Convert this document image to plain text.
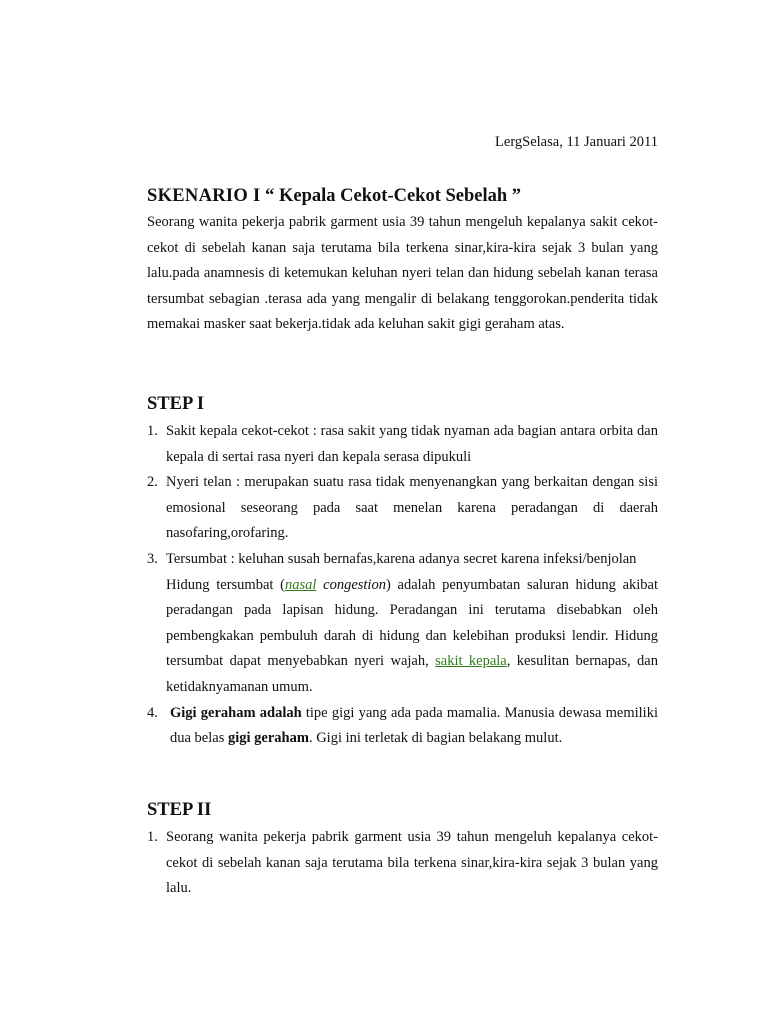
LergSelasa, 11 Januari 2011
SKENARIO I “ Kepala Cekot-Cekot Sebelah ”

Seorang wanita pekerja pabrik garment usia 39 tahun mengeluh kepalanya sakit cekot-cekot di sebelah kanan saja terutama bila terkena sinar,kira-kira sejak 3 bulan yang lalu.pada anamnesis di ketemukan keluhan nyeri telan dan hidung sebelah kanan terasa tersumbat sebagian .terasa ada yang mengalir di belakang tenggorokan.penderita tidak memakai masker saat bekerja.tidak ada keluhan sakit gigi geraham atas.

STEP I
1. Sakit kepala cekot-cekot : rasa sakit yang tidak nyaman ada bagian antara orbita dan kepala di sertai rasa nyeri dan kepala serasa dipukuli
2. Nyeri telan : merupakan suatu rasa tidak menyenangkan yang berkaitan dengan sisi emosional seseorang pada saat menelan karena peradangan di daerah nasofaring,orofaring.
3. Tersumbat : keluhan susah bernafas,karena adanya secret karena infeksi/benjolan
Hidung tersumbat (nasal congestion) adalah penyumbatan saluran hidung akibat peradangan pada lapisan hidung. Peradangan ini terutama disebabkan oleh pembengkakan pembuluh darah di hidung dan kelebihan produksi lendir. Hidung tersumbat dapat menyebabkan nyeri wajah, sakit kepala, kesulitan bernapas, dan ketidaknyamanan umum.
4. Gigi geraham adalah tipe gigi yang ada pada mamalia. Manusia dewasa memiliki dua belas gigi geraham. Gigi ini terletak di bagian belakang mulut.
STEP II
1. Seorang wanita pekerja pabrik garment usia 39 tahun mengeluh kepalanya cekot-cekot di sebelah kanan saja terutama bila terkena sinar,kira-kira sejak 3 bulan yang lalu.
